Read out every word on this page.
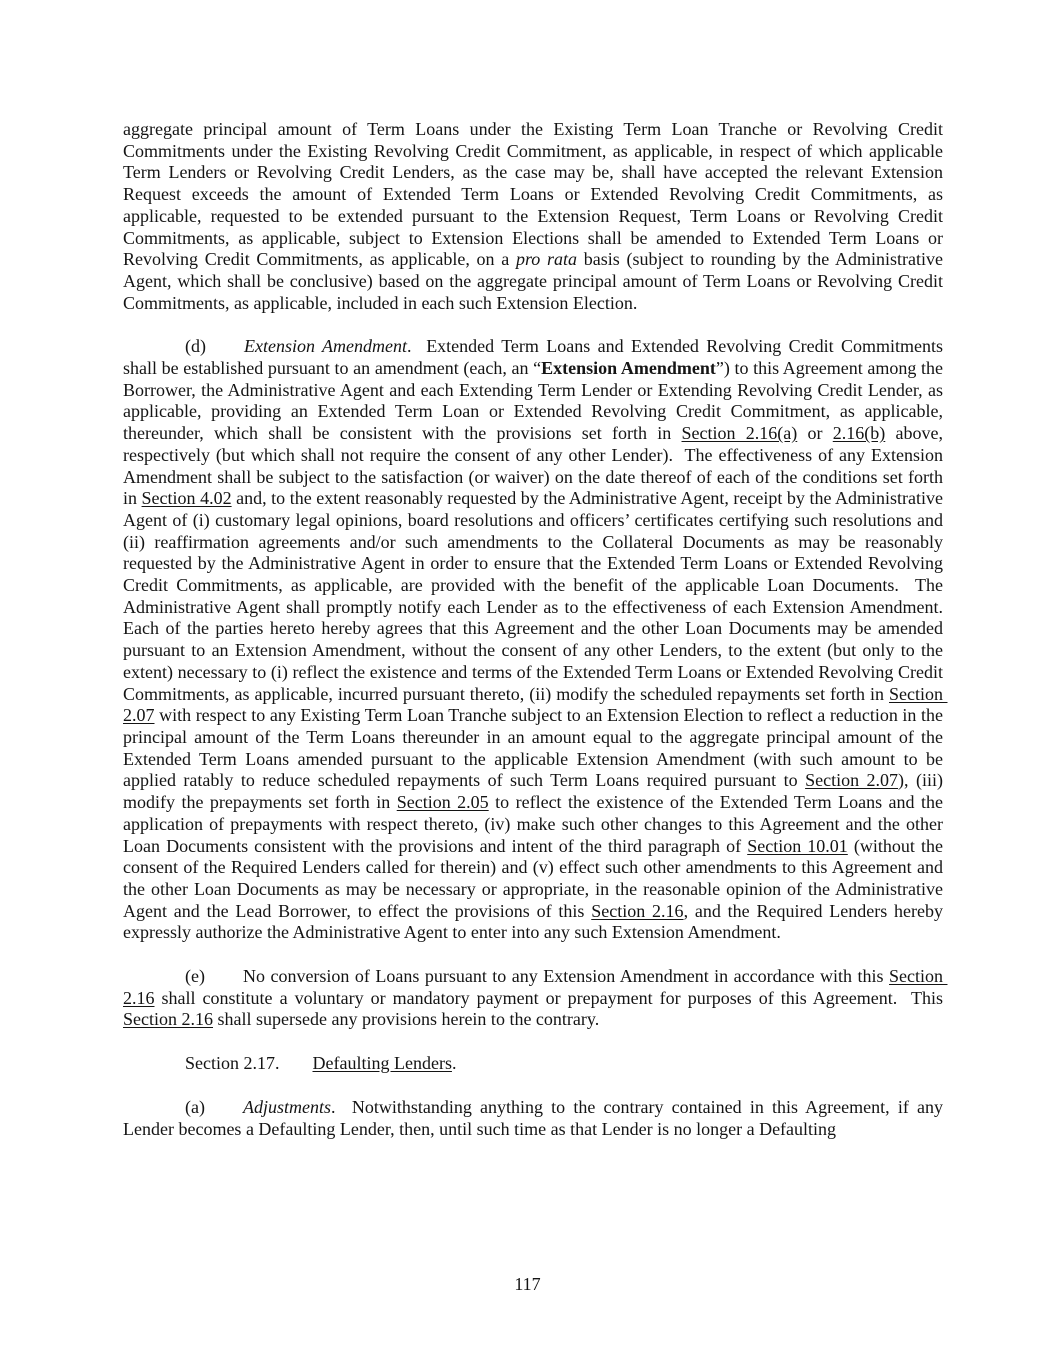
aggregate principal amount of Term Loans under the Existing Term Loan Tranche or Revolving Credit Commitments under the Existing Revolving Credit Commitment, as applicable, in respect of which applicable Term Lenders or Revolving Credit Lenders, as the case may be, shall have accepted the relevant Extension Request exceeds the amount of Extended Term Loans or Extended Revolving Credit Commitments, as applicable, requested to be extended pursuant to the Extension Request, Term Loans or Revolving Credit Commitments, as applicable, subject to Extension Elections shall be amended to Extended Term Loans or Revolving Credit Commitments, as applicable, on a pro rata basis (subject to rounding by the Administrative Agent, which shall be conclusive) based on the aggregate principal amount of Term Loans or Revolving Credit Commitments, as applicable, included in each such Extension Election.

(d) Extension Amendment.  Extended Term Loans and Extended Revolving Credit Commitments shall be established pursuant to an amendment (each, an “Extension Amendment”) to this Agreement among the Borrower, the Administrative Agent and each Extending Term Lender or Extending Revolving Credit Lender, as applicable, providing an Extended Term Loan or Extended Revolving Credit Commitment, as applicable, thereunder, which shall be consistent with the provisions set forth in Section 2.16(a) or 2.16(b) above, respectively (but which shall not require the consent of any other Lender).  The effectiveness of any Extension Amendment shall be subject to the satisfaction (or waiver) on the date thereof of each of the conditions set forth in Section 4.02 and, to the extent reasonably requested by the Administrative Agent, receipt by the Administrative Agent of (i) customary legal opinions, board resolutions and officers’ certificates certifying such resolutions and (ii) reaffirmation agreements and/or such amendments to the Collateral Documents as may be reasonably requested by the Administrative Agent in order to ensure that the Extended Term Loans or Extended Revolving Credit Commitments, as applicable, are provided with the benefit of the applicable Loan Documents.  The Administrative Agent shall promptly notify each Lender as to the effectiveness of each Extension Amendment.  Each of the parties hereto hereby agrees that this Agreement and the other Loan Documents may be amended pursuant to an Extension Amendment, without the consent of any other Lenders, to the extent (but only to the extent) necessary to (i) reflect the existence and terms of the Extended Term Loans or Extended Revolving Credit Commitments, as applicable, incurred pursuant thereto, (ii) modify the scheduled repayments set forth in Section 2.07 with respect to any Existing Term Loan Tranche subject to an Extension Election to reflect a reduction in the principal amount of the Term Loans thereunder in an amount equal to the aggregate principal amount of the Extended Term Loans amended pursuant to the applicable Extension Amendment (with such amount to be applied ratably to reduce scheduled repayments of such Term Loans required pursuant to Section 2.07), (iii) modify the prepayments set forth in Section 2.05 to reflect the existence of the Extended Term Loans and the application of prepayments with respect thereto, (iv) make such other changes to this Agreement and the other Loan Documents consistent with the provisions and intent of the third paragraph of Section 10.01 (without the consent of the Required Lenders called for therein) and (v) effect such other amendments to this Agreement and the other Loan Documents as may be necessary or appropriate, in the reasonable opinion of the Administrative Agent and the Lead Borrower, to effect the provisions of this Section 2.16, and the Required Lenders hereby expressly authorize the Administrative Agent to enter into any such Extension Amendment.

(e) No conversion of Loans pursuant to any Extension Amendment in accordance with this Section 2.16 shall constitute a voluntary or mandatory payment or prepayment for purposes of this Agreement.  This Section 2.16 shall supersede any provisions herein to the contrary.

Section 2.17. Defaulting Lenders.

(a) Adjustments.  Notwithstanding anything to the contrary contained in this Agreement, if any Lender becomes a Defaulting Lender, then, until such time as that Lender is no longer a Defaulting

117
